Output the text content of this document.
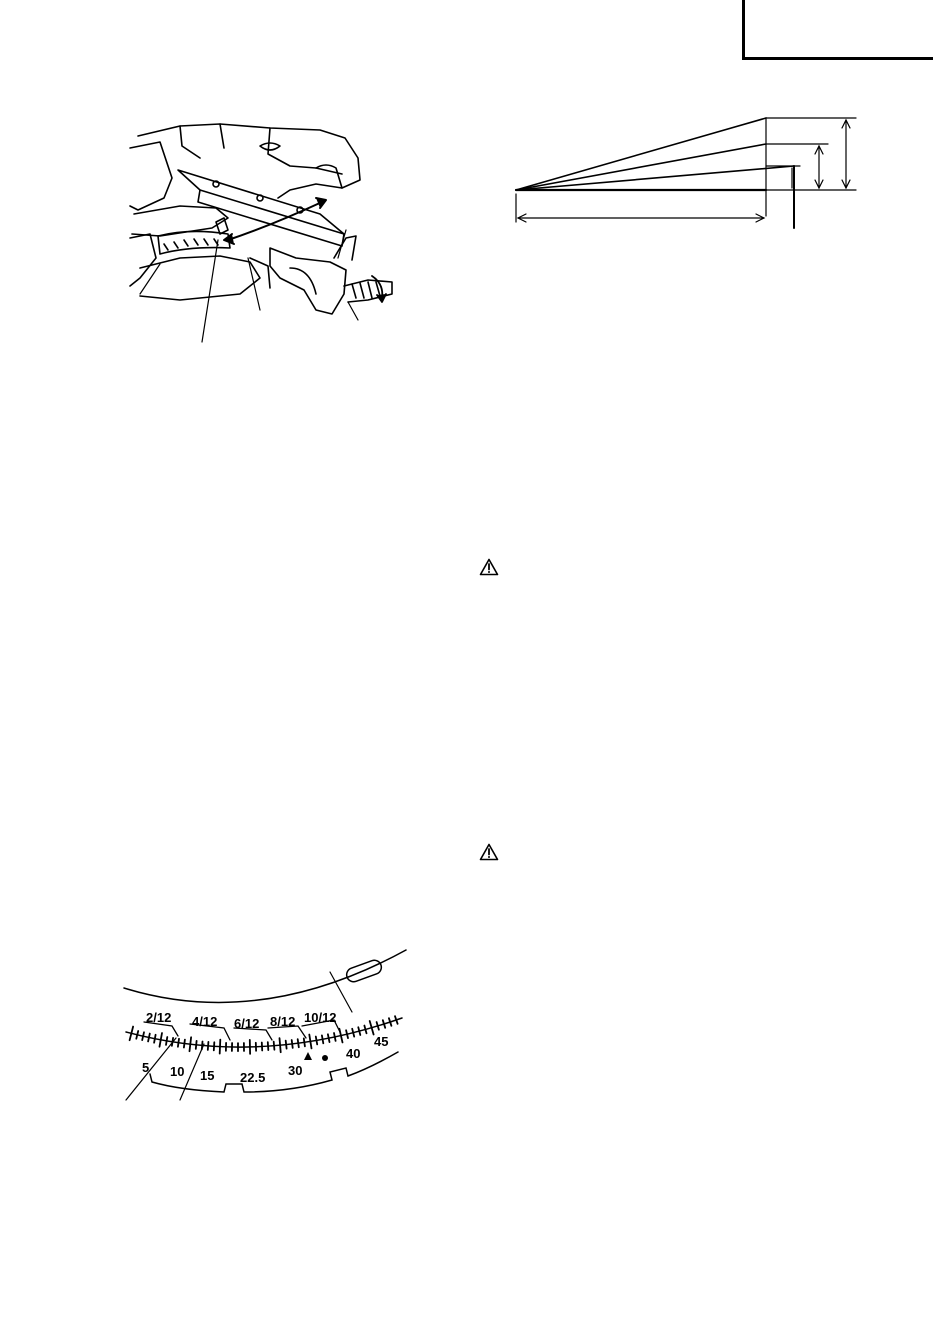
2/12 4/12 6/12 8/12 10/12
5 10 15 22.5 30
40
45
